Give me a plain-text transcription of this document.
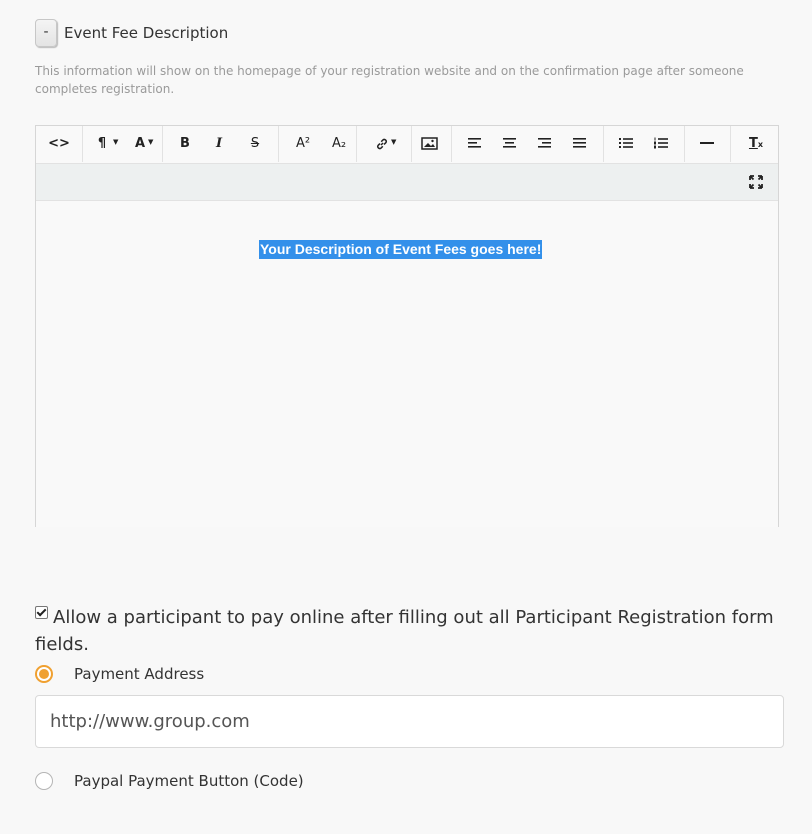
-	Event Fee Description
This information will show on the homepage of your registration website and on the confirmation page after someone completes registration.
<> ¶ ▼ A ▼ B	I	S	A²	A₂	▼	Tx
Your Description of Event Fees goes here!
Allow a participant to pay online after filling out all Participant Registration form fields.
Payment Address
http://www.group.com
Paypal Payment Button (Code)
